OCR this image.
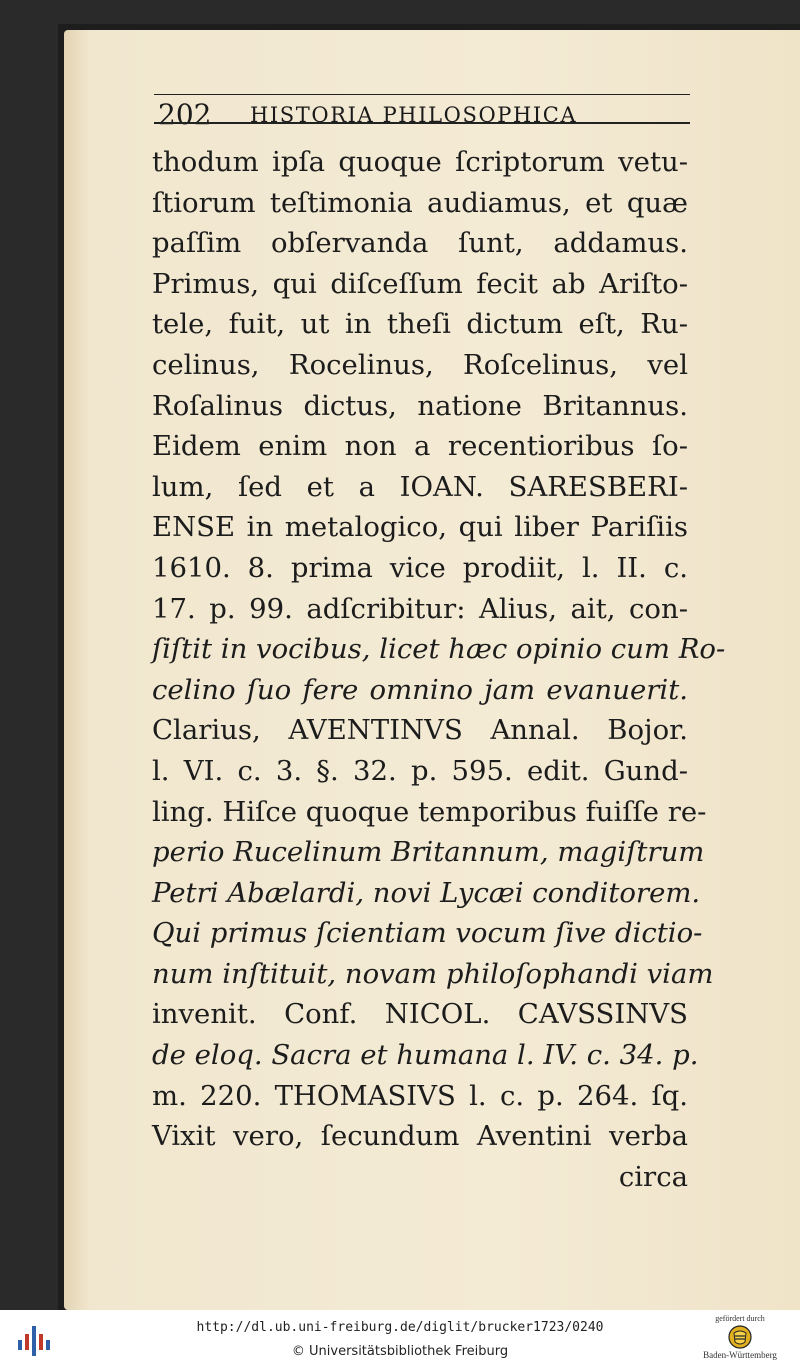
202 HISTORIA PHILOSOPHICA
thodum ipſa quoque ſcriptorum vetu-
ſtiorum teſtimonia audiamus, et quæ
paſſim obſervanda ſunt, addamus.
Primus, qui diſceſſum fecit ab Ariſto-
tele, fuit, ut in theſi dictum eſt, Ru-
celinus, Rocelinus, Roſcelinus, vel
Roſalinus dictus, natione Britannus.
Eidem enim non a recentioribus ſo-
lum, ſed et a IOAN. SARESBERI-
ENSE in metalogico, qui liber Pariſiis
1610. 8. prima vice prodiit, l. II. c.
17. p. 99. adſcribitur: Alius, ait, con-
ſiſtit in vocibus, licet hæc opinio cum Ro-
celino ſuo fere omnino jam evanuerit.
Clarius, AVENTINVS Annal. Bojor.
l. VI. c. 3. §. 32. p. 595. edit. Gund-
ling. Hiſce quoque temporibus fuiſſe re-
perio Rucelinum Britannum, magiſtrum
Petri Abælardi, novi Lycæi conditorem.
Qui primus ſcientiam vocum ſive dictio-
num inſtituit, novam philoſophandi viam
invenit. Conf. NICOL. CAVSSINVS
de eloq. Sacra et humana l. IV. c. 34. p.
m. 220. THOMASIVS l. c. p. 264. ſq.
Vixit vero, ſecundum Aventini verba
circa
http://dl.ub.uni-freiburg.de/diglit/brucker1723/0240
© Universitätsbibliothek Freiburg
gefördert durch
Baden-Württemberg
